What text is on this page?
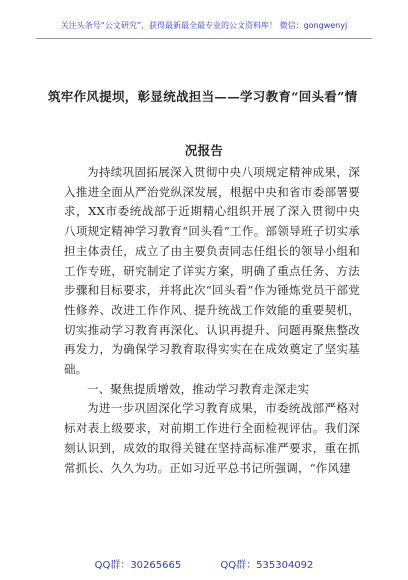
关注头条号“公文研究”，获得最新最全最专业的公文资料库！ 微信：gongwenyj
筑牢作风提坝，彰显统战担当——学习教育“回头看”情
况报告

为持续巩固拓展深入贯彻中央八项规定精神成果，深入推进全面从严治党纵深发展，根据中央和省市委部署要求，XX市委统战部于近期精心组织开展了深入贯彻中央八项规定精神学习教育“回头看”工作。部领导班子切实承担主体责任，成立了由主要负责同志任组长的领导小组和工作专班，研究制定了详实方案，明确了重点任务、方法步骤和目标要求，并将此次“回头看”作为锤炼党员干部党性修养、改进工作作风、提升统战工作效能的重要契机，切实推动学习教育再深化、认识再提升、问题再聚焦整改再发力，为确保学习教育取得实实在在成效奠定了坚实基础。

一、聚焦提质增效，推动学习教育走深走实

为进一步巩固深化学习教育成果，市委统战部严格对标对表上级要求，对前期工作进行全面检视评估。我们深刻认识到，成效的取得关键在坚持高标准严要求，重在抓常抓长、久久为功。正如习近平总书记所强调，“作风建

QQ群：30265665	QQ群：535304092
